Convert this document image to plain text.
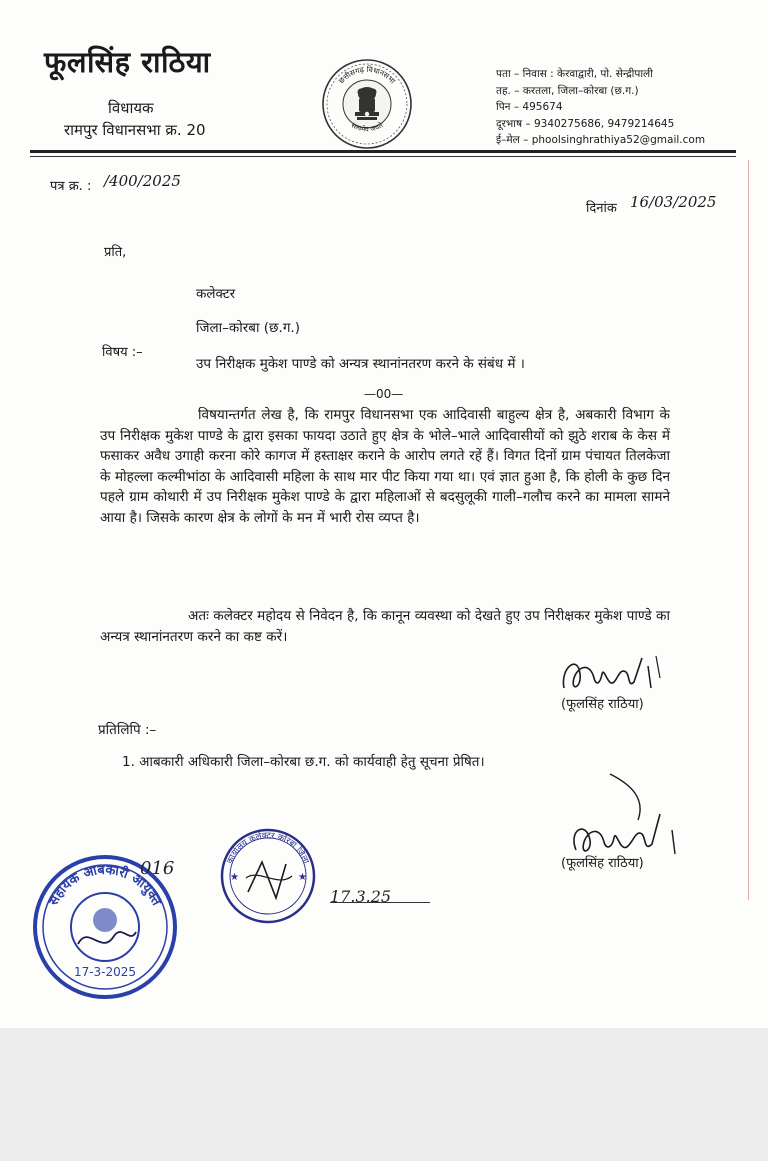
फूलसिंह राठिया
विधायक
रामपुर विधानसभा क्र. 20
छत्तीसगढ़ विधानसभा
सत्यमेव जयते
पता – निवास : केरवाद्वारी, पो. सेन्द्रीपाली
तह. – करतला, जिला–कोरबा (छ.ग.)
पिन – 495674
दूरभाष – 9340275686, 9479214645
ई–मेल – phoolsinghrathiya52@gmail.com
पत्र क्र. : /400/2025
दिनांक 16/03/2025
प्रति,
कलेक्टर
जिला–कोरबा (छ.ग.)
विषय :–
उप निरीक्षक मुकेश पाण्डे को अन्यत्र स्थानांनतरण करने के संबंध में ।
—00—
विषयान्तर्गत लेख है, कि रामपुर विधानसभा एक आदिवासी बाहुल्य क्षेत्र है, अबकारी विभाग के उप निरीक्षक मुकेश पाण्डे के द्वारा इसका फायदा उठाते हुए क्षेत्र के भोले–भाले आदिवासीयों को झुठे शराब के केस में फसाकर अवैध उगाही करना कोरे कागज में हस्ताक्षर कराने के आरोप लगते रहें हैं। विगत दिनों ग्राम पंचायत तिलकेजा के मोहल्ला कल्मीभांठा के आदिवासी महिला के साथ मार पीट किया गया था। एवं ज्ञात हुआ है, कि होली के कुछ दिन पहले ग्राम कोथारी में उप निरीक्षक मुकेश पाण्डे के द्वारा महिलाओं से बदसुलूकी गाली–गलौच करने का मामला सामने आया है। जिसके कारण क्षेत्र के लोगों के मन में भारी रोस व्यप्त है।
अतः कलेक्टर महोदय से निवेदन है, कि कानून व्यवस्था को देखते हुए उप निरीक्षकर मुकेश पाण्डे का अन्यत्र स्थानांनतरण करने का कष्ट करें।
(फूलसिंह राठिया)
प्रतिलिपि :–
1. आबकारी अधिकारी जिला–कोरबा छ.ग. को कार्यवाही हेतु सूचना प्रेषित।
(फूलसिंह राठिया)
सहायक आबकारी आयुक्त
17-3-2025
016	कार्यालय कलेक्टर कोरबा जिला
★	★
17.3.25
